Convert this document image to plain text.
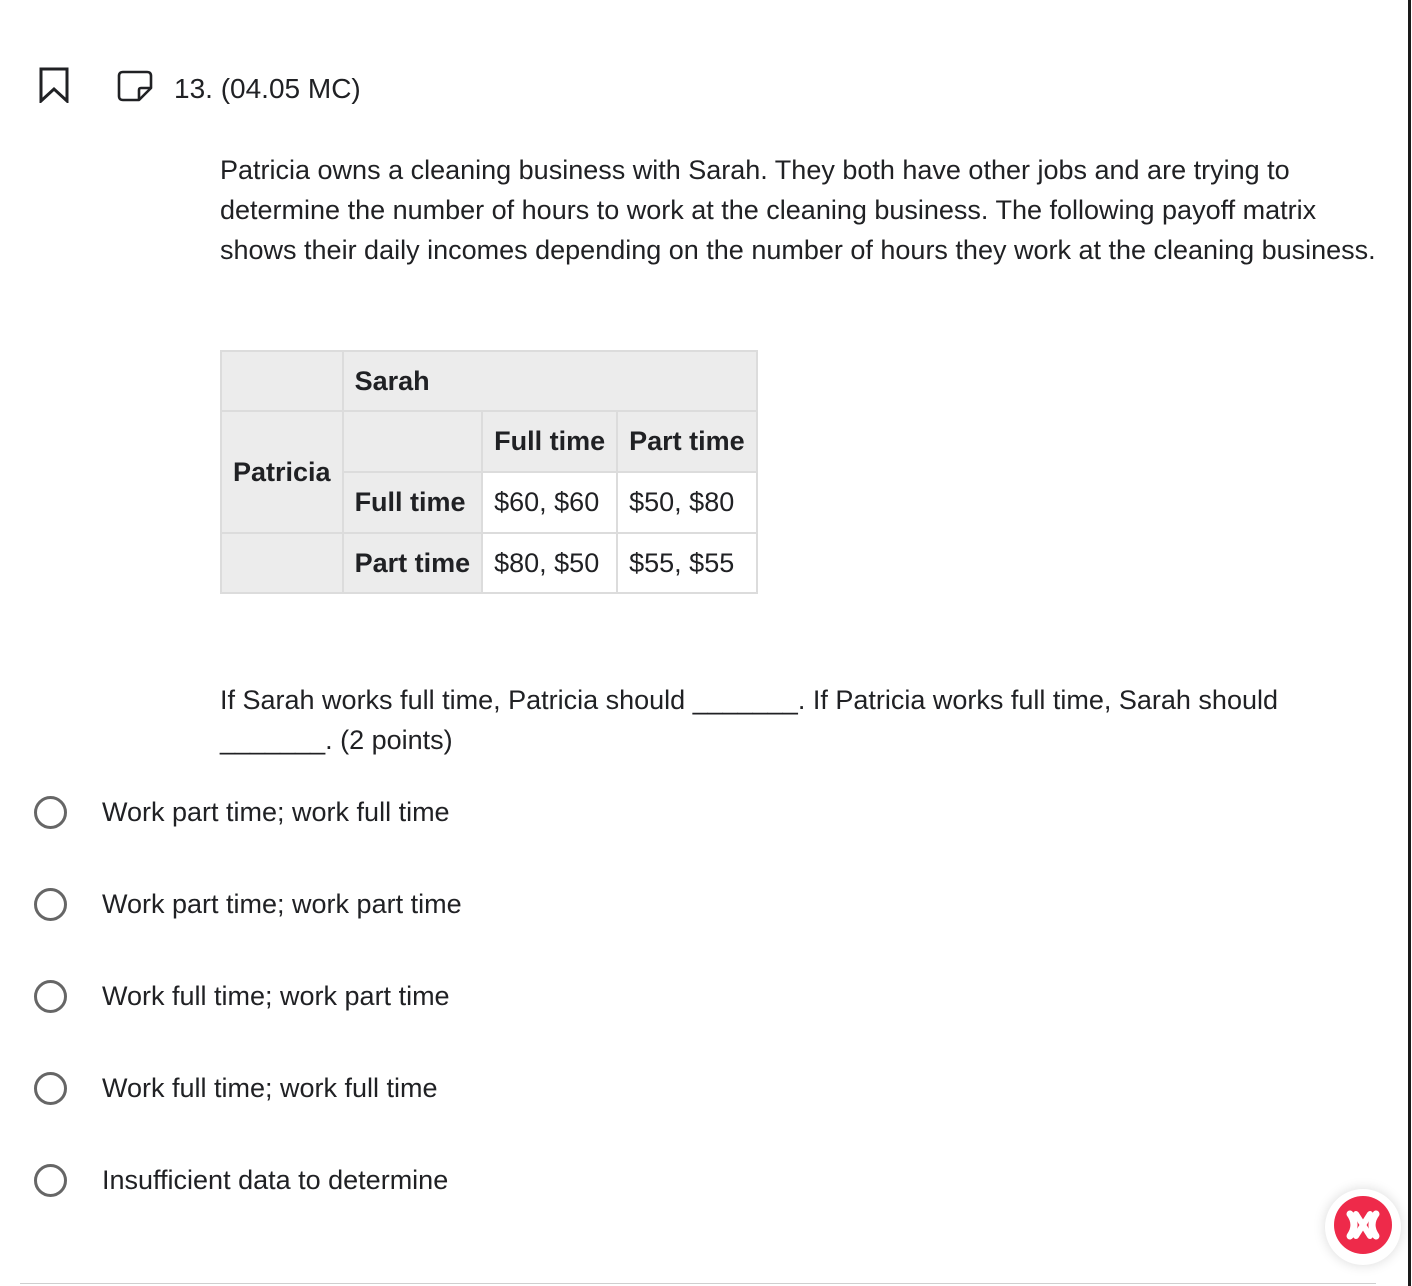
13. (04.05 MC)
Patricia owns a cleaning business with Sarah. They both have other jobs and are trying to determine the number of hours to work at the cleaning business. The following payoff matrix shows their daily incomes depending on the number of hours they work at the cleaning business.
	Sarah		
Patricia		Full time	Part time
	Full time	$60, $60	$50, $80
	Part time	$80, $50	$55, $55
If Sarah works full time, Patricia should _______. If Patricia works full time, Sarah should _______. (2 points)
Work part time; work full time
Work part time; work part time
Work full time; work part time
Work full time; work full time
Insufficient data to determine
